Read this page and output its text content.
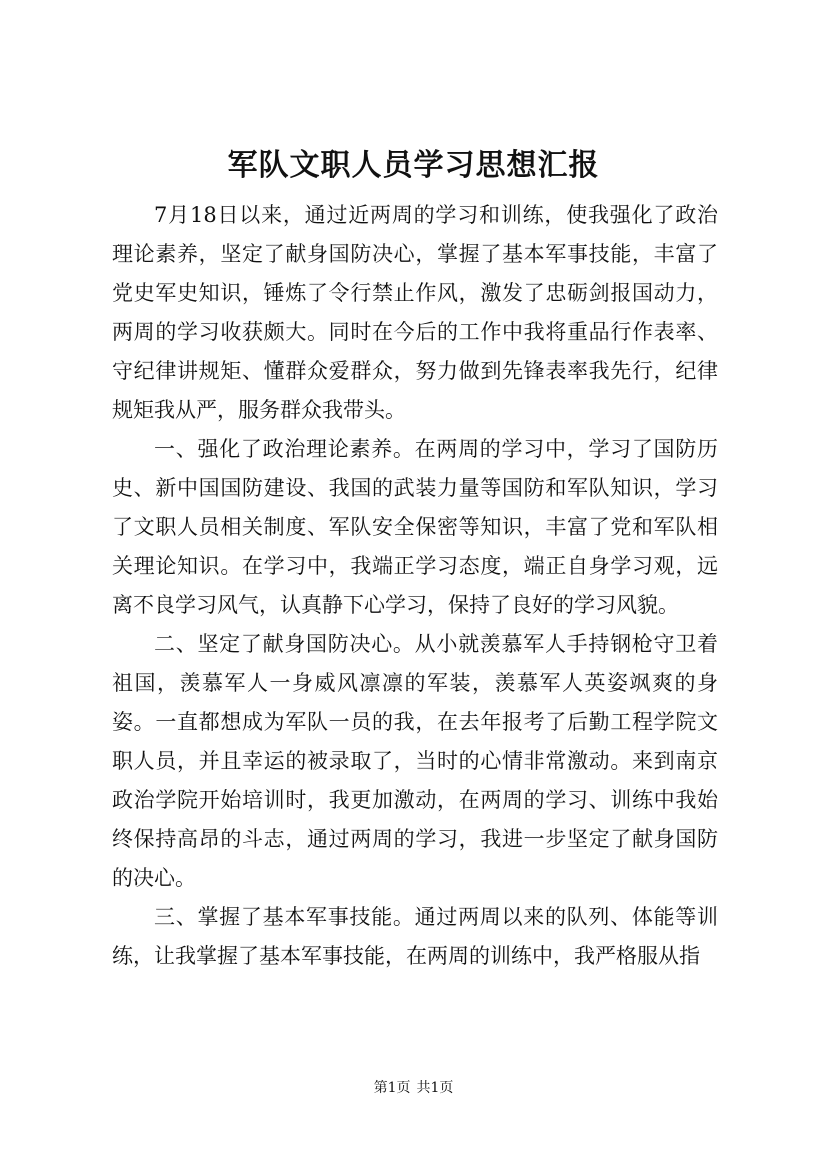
军队文职人员学习思想汇报

7月18日以来，通过近两周的学习和训练，使我强化了政治理论素养，坚定了献身国防决心，掌握了基本军事技能，丰富了党史军史知识，锤炼了令行禁止作风，激发了忠砺剑报国动力，两周的学习收获颇大。同时在今后的工作中我将重品行作表率、守纪律讲规矩、懂群众爱群众，努力做到先锋表率我先行，纪律规矩我从严，服务群众我带头。

一、强化了政治理论素养。在两周的学习中，学习了国防历史、新中国国防建设、我国的武装力量等国防和军队知识，学习了文职人员相关制度、军队安全保密等知识，丰富了党和军队相关理论知识。在学习中，我端正学习态度，端正自身学习观，远离不良学习风气，认真静下心学习，保持了良好的学习风貌。

二、坚定了献身国防决心。从小就羡慕军人手持钢枪守卫着祖国，羡慕军人一身威风凛凛的军装，羡慕军人英姿飒爽的身姿。一直都想成为军队一员的我，在去年报考了后勤工程学院文职人员，并且幸运的被录取了，当时的心情非常激动。来到南京政治学院开始培训时，我更加激动，在两周的学习、训练中我始终保持高昂的斗志，通过两周的学习，我进一步坚定了献身国防的决心。

三、掌握了基本军事技能。通过两周以来的队列、体能等训练，让我掌握了基本军事技能，在两周的训练中，我严格服从指

第1页 共1页
